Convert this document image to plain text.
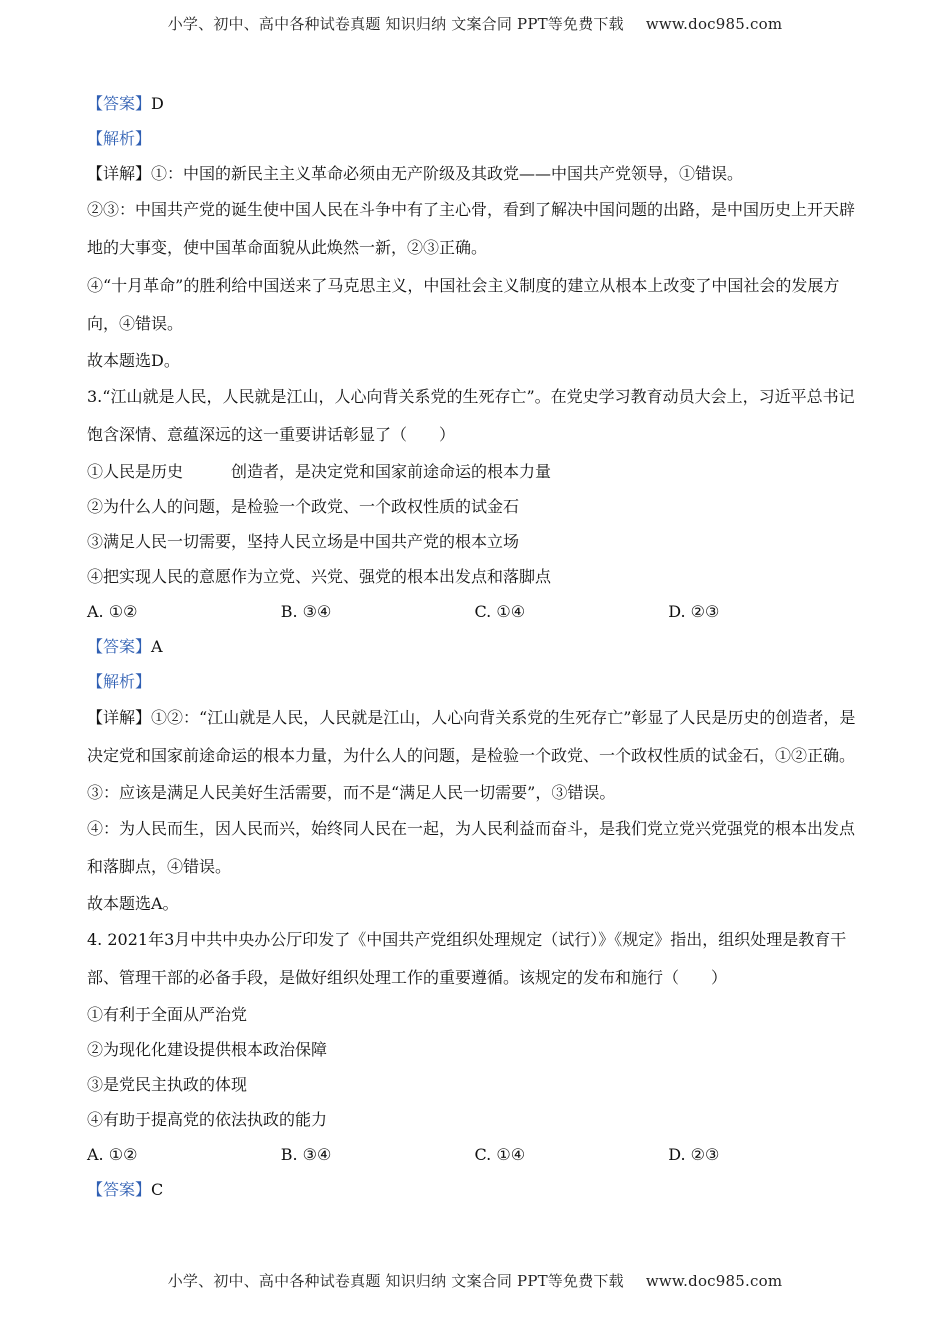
小学、初中、高中各种试卷真题 知识归纳 文案合同 PPT等免费下载 www.doc985.com
【答案】D
【解析】
【详解】①：中国的新民主主义革命必须由无产阶级及其政党——中国共产党领导，①错误。
②③：中国共产党的诞生使中国人民在斗争中有了主心骨，看到了解决中国问题的出路，是中国历史上开天辟地的大事变，使中国革命面貌从此焕然一新，②③正确。
④“十月革命”的胜利给中国送来了马克思主义，中国社会主义制度的建立从根本上改变了中国社会的发展方向，④错误。
故本题选D。
3.“江山就是人民，人民就是江山，人心向背关系党的生死存亡”。在党史学习教育动员大会上，习近平总书记饱含深情、意蕴深远的这一重要讲话彰显了（　　）
①人民是历史　　　创造者，是决定党和国家前途命运的根本力量
②为什么人的问题，是检验一个政党、一个政权性质的试金石
③满足人民一切需要，坚持人民立场是中国共产党的根本立场
④把实现人民的意愿作为立党、兴党、强党的根本出发点和落脚点
A. ①②	B. ③④	C. ①④	D. ②③
【答案】A
【解析】
【详解】①②：“江山就是人民，人民就是江山，人心向背关系党的生死存亡”彰显了人民是历史的创造者，是决定党和国家前途命运的根本力量，为什么人的问题，是检验一个政党、一个政权性质的试金石，①②正确。
③：应该是满足人民美好生活需要，而不是“满足人民一切需要”，③错误。
④：为人民而生，因人民而兴，始终同人民在一起，为人民利益而奋斗，是我们党立党兴党强党的根本出发点和落脚点，④错误。
故本题选A。
4. 2021年3月中共中央办公厅印发了《中国共产党组织处理规定（试行）》《规定》指出，组织处理是教育干部、管理干部的必备手段，是做好组织处理工作的重要遵循。该规定的发布和施行（　　）
①有利于全面从严治党
②为现化化建设提供根本政治保障
③是党民主执政的体现
④有助于提高党的依法执政的能力
A. ①②	B. ③④	C. ①④	D. ②③
【答案】C
小学、初中、高中各种试卷真题 知识归纳 文案合同 PPT等免费下载 www.doc985.com
